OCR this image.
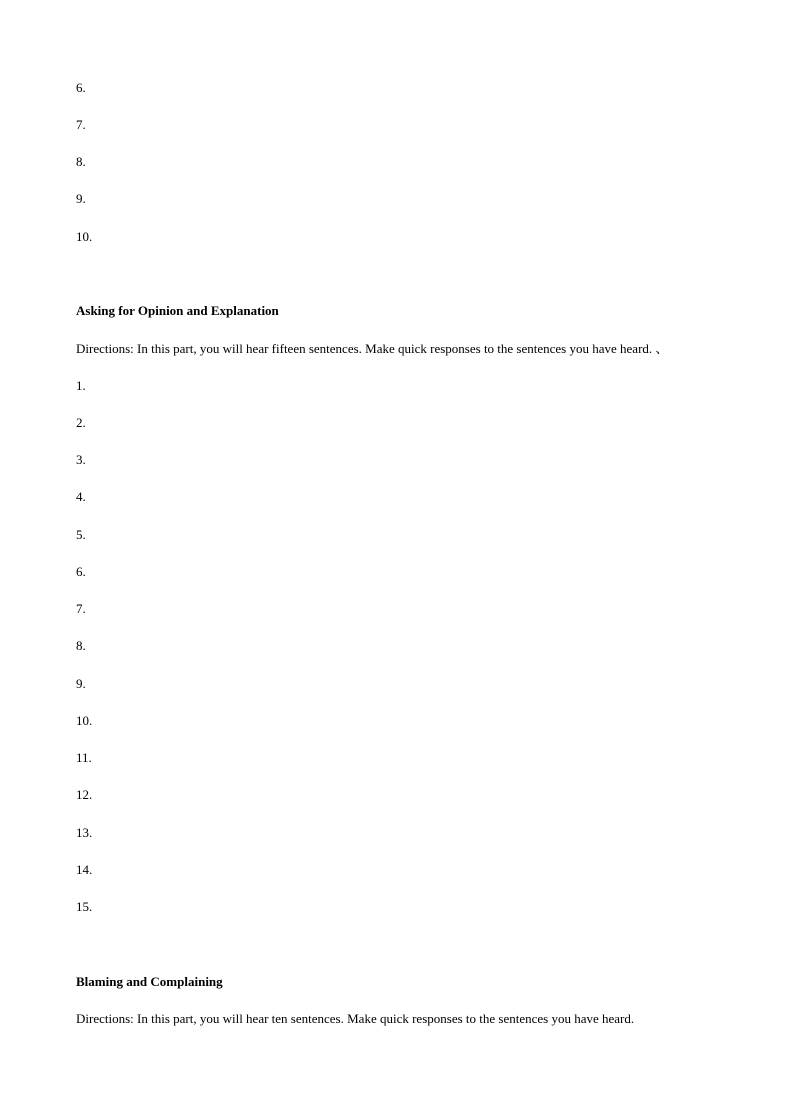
6.
7.
8.
9.
10.
Asking for Opinion and Explanation
Directions: In this part, you will hear fifteen sentences. Make quick responses to the sentences you have heard. 、
1.
2.
3.
4.
5.
6.
7.
8.
9.
10.
11.
12.
13.
14.
15.
Blaming and Complaining
Directions: In this part, you will hear ten sentences. Make quick responses to the sentences you have heard.
